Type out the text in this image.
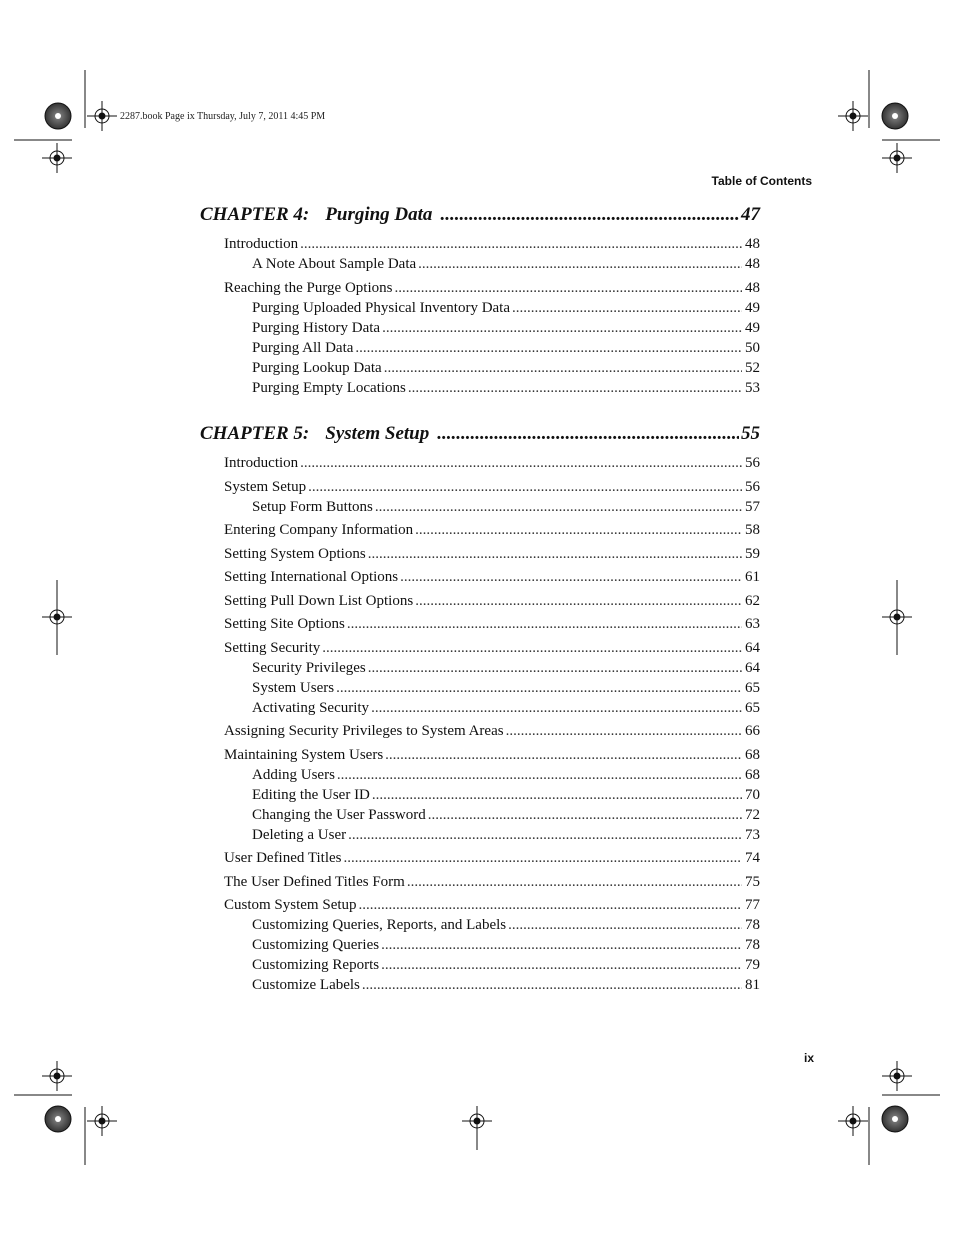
2287.book Page ix Thursday, July 7, 2011 4:45 PM
Table of Contents
CHAPTER 4: Purging Data .....	47
Introduction .....	48
A Note About Sample Data .....	48
Reaching the Purge Options .....	48
Purging Uploaded Physical Inventory Data .....	49
Purging History Data .....	49
Purging All Data .....	50
Purging Lookup Data .....	52
Purging Empty Locations .....	53
CHAPTER 5: System Setup .....	55
Introduction .....	56
System Setup .....	56
Setup Form Buttons .....	57
Entering Company Information .....	58
Setting System Options .....	59
Setting International Options .....	61
Setting Pull Down List Options .....	62
Setting Site Options .....	63
Setting Security .....	64
Security Privileges .....	64
System Users .....	65
Activating Security .....	65
Assigning Security Privileges to System Areas .....	66
Maintaining System Users .....	68
Adding Users .....	68
Editing the User ID .....	70
Changing the User Password .....	72
Deleting a User .....	73
User Defined Titles .....	74
The User Defined Titles Form .....	75
Custom System Setup .....	77
Customizing Queries, Reports, and Labels .....	78
Customizing Queries .....	78
Customizing Reports .....	79
Customize Labels .....	81
ix
